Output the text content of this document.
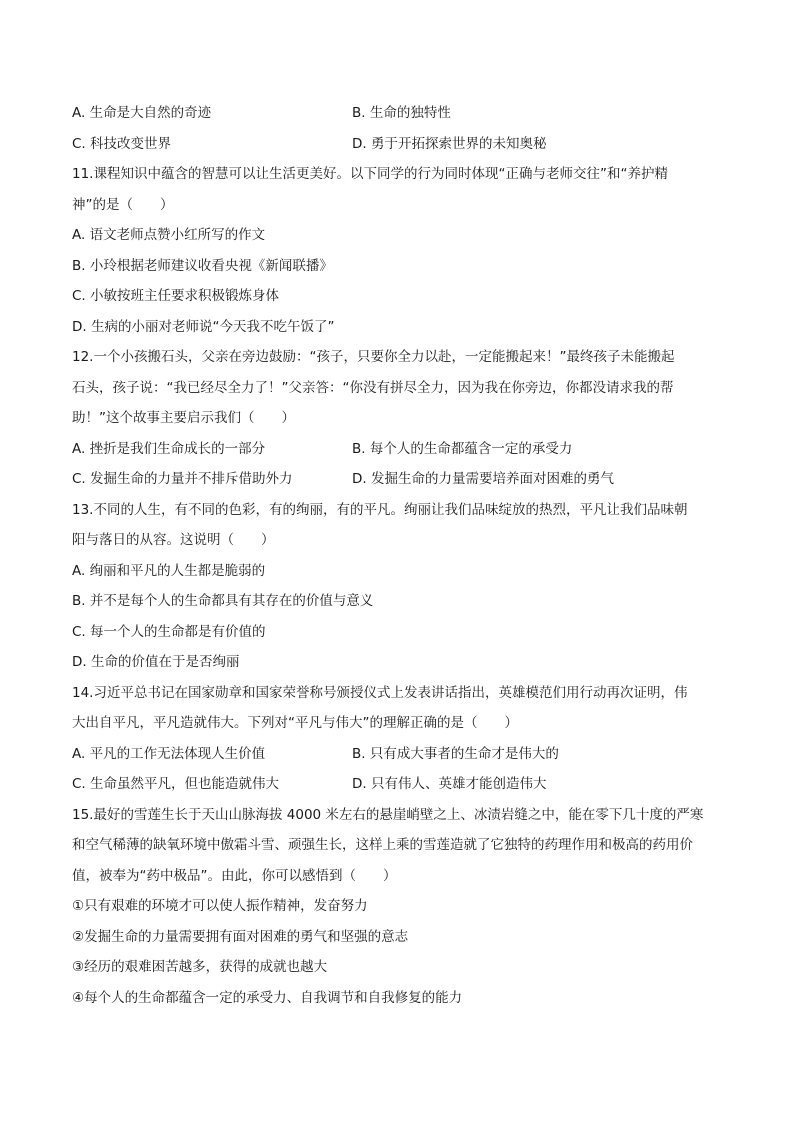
A. 生命是大自然的奇迹	B. 生命的独特性
C. 科技改变世界	D. 勇于开拓探索世界的未知奥秘
11.课程知识中蕴含的智慧可以让生活更美好。以下同学的行为同时体现“正确与老师交往”和“养护精
神”的是（　　）
A. 语文老师点赞小红所写的作文
B. 小玲根据老师建议收看央视《新闻联播》
C. 小敏按班主任要求积极锻炼身体
D. 生病的小丽对老师说“今天我不吃午饭了”
12.一个小孩搬石头，父亲在旁边鼓励：“孩子，只要你全力以赴，一定能搬起来！”最终孩子未能搬起
石头，孩子说：“我已经尽全力了！”父亲答：“你没有拼尽全力，因为我在你旁边，你都没请求我的帮
助！”这个故事主要启示我们（　　）
A. 挫折是我们生命成长的一部分	B. 每个人的生命都蕴含一定的承受力
C. 发掘生命的力量并不排斥借助外力	D. 发掘生命的力量需要培养面对困难的勇气
13.不同的人生，有不同的色彩，有的绚丽，有的平凡。绚丽让我们品味绽放的热烈，平凡让我们品味朝
阳与落日的从容。这说明（　　）
A. 绚丽和平凡的人生都是脆弱的
B. 并不是每个人的生命都具有其存在的价值与意义
C. 每一个人的生命都是有价值的
D. 生命的价值在于是否绚丽
14.习近平总书记在国家勋章和国家荣誉称号颁授仪式上发表讲话指出，英雄模范们用行动再次证明，伟
大出自平凡，平凡造就伟大。下列对“平凡与伟大”的理解正确的是（　　）
A. 平凡的工作无法体现人生价值	B. 只有成大事者的生命才是伟大的
C. 生命虽然平凡，但也能造就伟大	D. 只有伟人、英雄才能创造伟大
15.最好的雪莲生长于天山山脉海拔 4000 米左右的悬崖峭壁之上、冰渍岩缝之中，能在零下几十度的严寒
和空气稀薄的缺氧环境中傲霜斗雪、顽强生长，这样上乘的雪莲造就了它独特的药理作用和极高的药用价
值，被奉为“药中极品”。由此，你可以感悟到（　　）
①只有艰难的环境才可以使人振作精神，发奋努力
②发掘生命的力量需要拥有面对困难的勇气和坚强的意志
③经历的艰难困苦越多，获得的成就也越大
④每个人的生命都蕴含一定的承受力、自我调节和自我修复的能力
